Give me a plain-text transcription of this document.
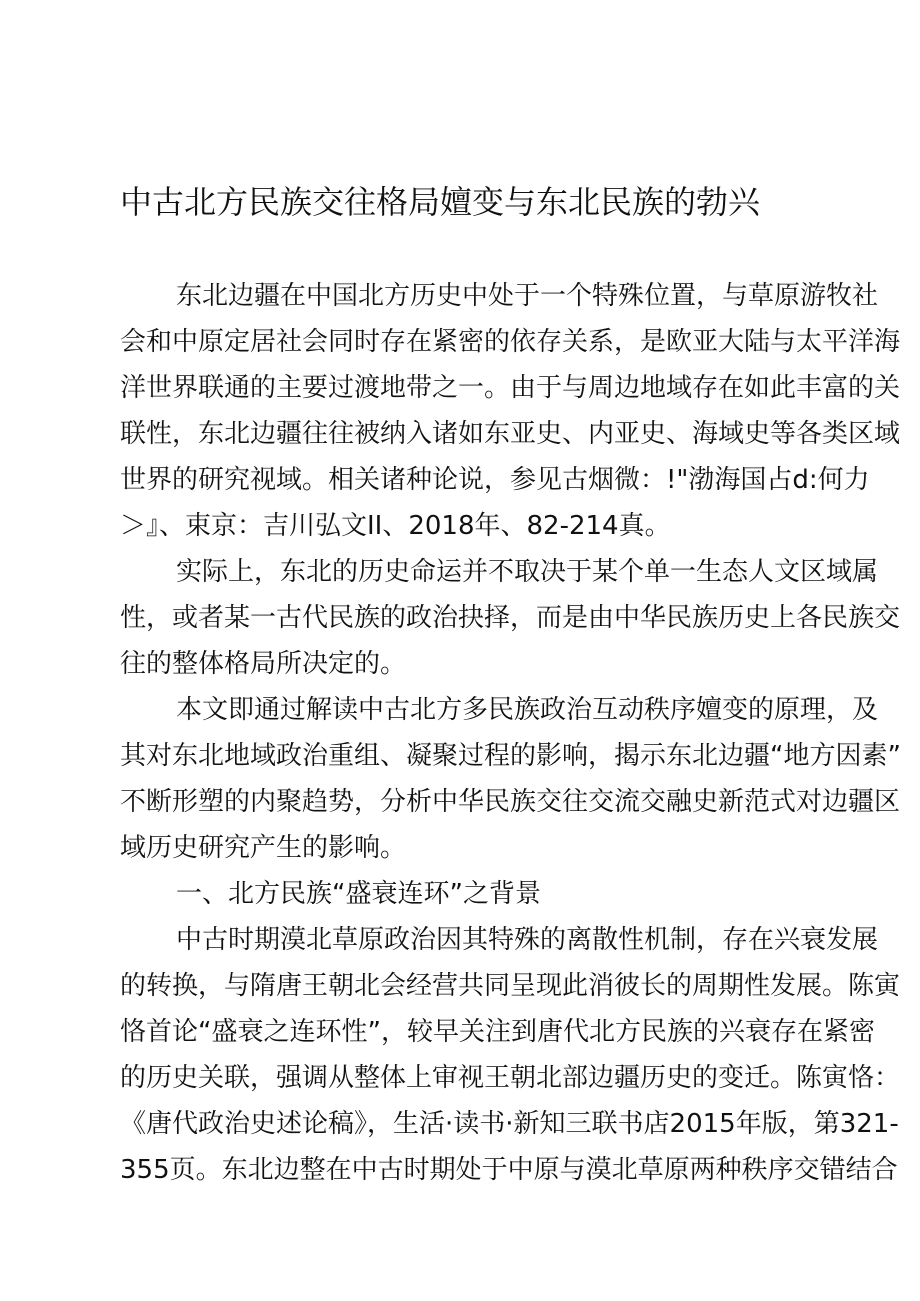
中古北方民族交往格局嬗变与东北民族的勃兴
东北边疆在中国北方历史中处于一个特殊位置，与草原游牧社
会和中原定居社会同时存在紧密的依存关系，是欧亚大陆与太平洋海
洋世界联通的主要过渡地带之一。由于与周边地域存在如此丰富的关
联性，东北边疆往往被纳入诸如东亚史、内亚史、海域史等各类区域
世界的研究视域。相关诸种论说，参见古烟微：!"渤海国占d:何力
＞』、束京：吉川弘文II、2018年、82-214真。
实际上，东北的历史命运并不取决于某个单一生态人文区域属
性，或者某一古代民族的政治抉择，而是由中华民族历史上各民族交
往的整体格局所决定的。
本文即通过解读中古北方多民族政治互动秩序嬗变的原理，及
其对东北地域政治重组、凝聚过程的影响，揭示东北边疆“地方因素”
不断形塑的内聚趋势，分析中华民族交往交流交融史新范式对边疆区
域历史研究产生的影响。
一、北方民族“盛衰连环”之背景
中古时期漠北草原政治因其特殊的离散性机制，存在兴衰发展
的转换，与隋唐王朝北会经营共同呈现此消彼长的周期性发展。陈寅
恪首论“盛衰之连环性”，较早关注到唐代北方民族的兴衰存在紧密
的历史关联，强调从整体上审视王朝北部边疆历史的变迁。陈寅恪：
《唐代政治史述论稿》，生活·读书·新知三联书店2015年版，第321-
355页。东北边整在中古时期处于中原与漠北草原两种秩序交错结合
